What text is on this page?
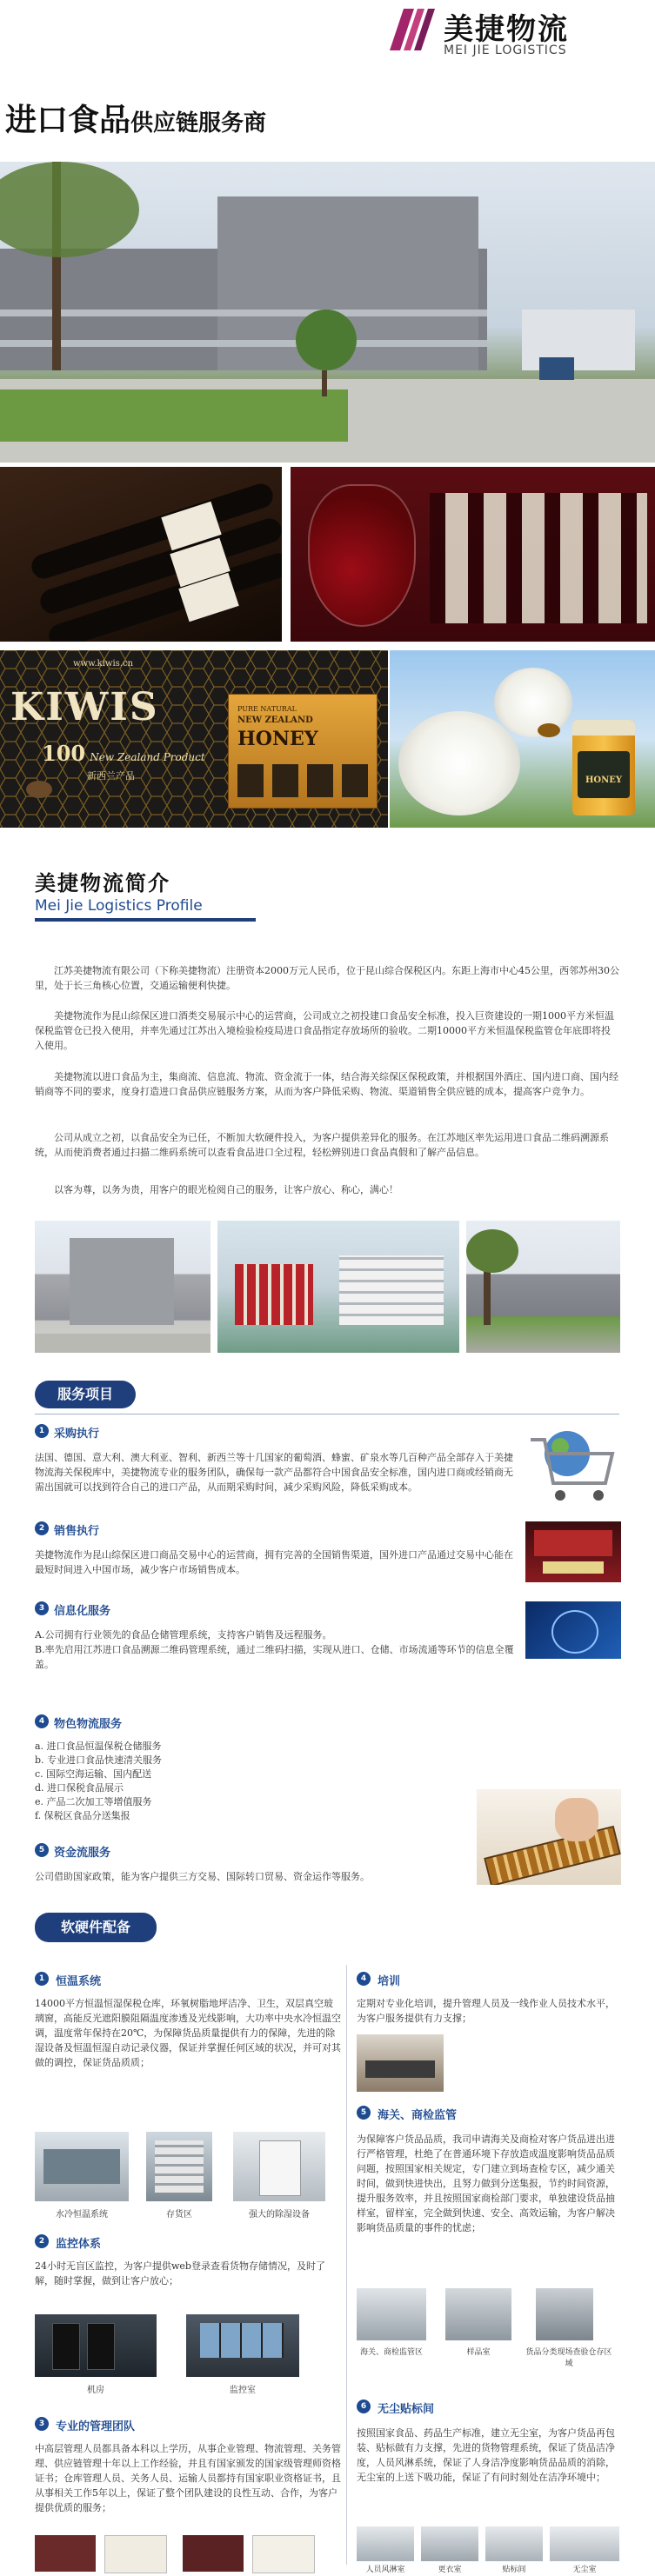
美捷物流
MEI JIE LOGISTICS
进口食品供应链服务商
www.kiwis.cn
KIWIS
100 New Zealand Product
新西兰产品
PURE NATURAL
NEW ZEALAND
HONEY
HONEY
美捷物流简介
Mei Jie Logistics Profile
江苏美捷物流有限公司（下称美捷物流）注册资本2000万元人民币，位于昆山综合保税区内。东距上海市中心45公里，西邻苏州30公里，处于长三角核心位置，交通运输便利快捷。
美捷物流作为昆山综保区进口酒类交易展示中心的运营商，公司成立之初投建口食品安全标准，投入巨资建设的一期1000平方米恒温保税监管仓已投入使用，并率先通过江苏出入境检验检疫局进口食品指定存放场所的验收。二期10000平方米恒温保税监管仓年底即将投入使用。
美捷物流以进口食品为主，集商流、信息流、物流、资金流于一体，结合海关综保区保税政策，并根据国外酒庄、国内进口商、国内经销商等不同的要求，度身打造进口食品供应链服务方案，从而为客户降低采购、物流、渠道销售全供应链的成本，提高客户竞争力。
公司从成立之初，以食品安全为已任，不断加大软硬件投入，为客户提供差异化的服务。在江苏地区率先运用进口食品二维码溯源系统，从而使消费者通过扫描二维码系统可以查看食品进口全过程，轻松辨别进口食品真假和了解产品信息。
以客为尊，以务为贵，用客户的眼光检阅自己的服务，让客户放心、称心，满心！
服务项目
1 采购执行
法国、德国、意大利、澳大利亚、智利、新西兰等十几国家的葡萄酒、蜂蜜、矿泉水等几百种产品全部存入于美捷物流海关保税库中，美捷物流专业的服务团队，确保每一款产品都符合中国食品安全标准，国内进口商或经销商无需出国就可以找到符合自己的进口产品，从而期采购时间，减少采购风险，降低采购成本。
2 销售执行
美捷物流作为昆山综保区进口商品交易中心的运营商，拥有完善的全国销售渠道，国外进口产品通过交易中心能在最短时间进入中国市场，减少客户市场销售成本。
3 信息化服务
A.公司拥有行业领先的食品仓储管理系统，支持客户销售及远程服务。
B.率先启用江苏进口食品溯源二维码管理系统，通过二维码扫描，实现从进口、仓储、市场流通等环节的信息全覆盖。
4 物色物流服务
a. 进口食品恒温保税仓储服务
b. 专业进口食品快速清关服务
c. 国际空海运输、国内配送
d. 进口保税食品展示
e. 产品二次加工等增值服务
f. 保税区食品分送集报
5 资金流服务
公司借助国家政策，能为客户提供三方交易、国际转口贸易、资金运作等服务。
软硬件配备
1 恒温系统
14000平方恒温恒湿保税仓库，环氧树脂地坪洁净、卫生，双层真空玻璃窗，高能反光遮阳膜阻隔温度渗透及光线影响，大功率中央水冷恒温空调，温度常年保持在20℃，为保障货品质量提供有力的保障，先进的除湿设备及恒温恒湿自动记录仪器，保证并掌握任何区域的状况，并可对其做的调控，保证货品质质；
水冷恒温系统	存货区	强大的除湿设备
2 监控体系
24小时无盲区监控，为客户提供web登录查看货物存储情况，及时了解，随时掌握，做到让客户放心；
机房	监控室
3 专业的管理团队
中高层管理人员都具备本科以上学历，从事企业管理、物流管理、关务管理、供应链管理十年以上工作经验，并且有国家颁发的国家级管理师资格证书；仓库管理人员、关务人员、运输人员都持有国家职业资格证书，且从事相关工作5年以上，保证了整个团队建设的良性互动、合作，为客户提供优质的服务；
4 培训
定期对专业化培训，提升管理人员及一线作业人员技术水平，为客户服务提供有力支撑；
5 海关、商检监管
为保障客户货品品质，我司申请海关及商检对客户货品进出进行严格管理，杜绝了在普通环境下存放造成温度影响货品品质问题，按照国家相关规定，专门建立到场查检专区，减少通关时间，做到快进快出，且努力做到分送集报，节约时间资源，提升服务效率，并且按照国家商检部门要求，单独建设货品抽样室，留样室，完全做到快速、安全、高效运输，为客户解决影响货品质量的事件的忧虑；
海关、商检监管区	样品室	货品分类现场查验仓存区域
6 无尘贴标间
按照国家食品、药品生产标准，建立无尘室，为客户货品再包装、贴标做有力支撑，先进的货物管理系统，保证了货品洁净度，人员风淋系统，保证了人身洁净度影响货品品质的消除，无尘室的上送下吸功能，保证了有问时刻处在洁净环境中；
人员风淋室	更衣室	贴标间	无尘室
